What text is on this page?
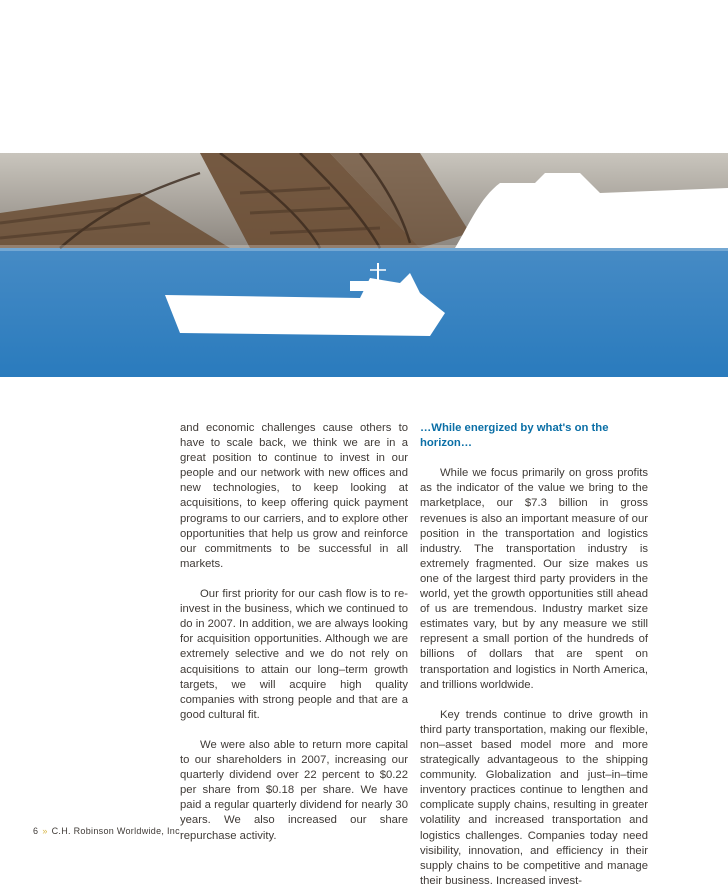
and economic challenges cause others to have to scale back, we think we are in a great position to continue to invest in our people and our network with new offices and new technologies, to keep looking at acquisitions, to keep offering quick payment programs to our carriers, and to explore other opportunities that help us grow and reinforce our commitments to be successful in all markets.

Our first priority for our cash flow is to re-invest in the business, which we continued to do in 2007. In addition, we are always looking for acquisition opportunities. Although we are extremely selective and we do not rely on acquisitions to attain our long–term growth targets, we will acquire high quality companies with strong people and that are a good cultural fit.

We were also able to return more capital to our shareholders in 2007, increasing our quarterly dividend over 22 percent to $0.22 per share from $0.18 per share. We have paid a regular quarterly dividend for nearly 30 years. We also increased our share repurchase activity.

…While energized by what's on the horizon…

While we focus primarily on gross profits as the indicator of the value we bring to the marketplace, our $7.3 billion in gross revenues is also an important measure of our position in the transportation and logistics industry. The transportation industry is extremely fragmented. Our size makes us one of the largest third party providers in the world, yet the growth opportunities still ahead of us are tremendous. Industry market size estimates vary, but by any measure we still represent a small portion of the hundreds of billions of dollars that are spent on transportation and logistics in North America, and trillions worldwide.

Key trends continue to drive growth in third party transportation, making our flexible, non–asset based model more and more strategically advantageous to the shipping community. Globalization and just–in–time inventory practices continue to lengthen and complicate supply chains, resulting in greater volatility and increased transportation and logistics challenges. Companies today need visibility, innovation, and efficiency in their supply chains to be competitive and manage their business. Increased invest-

6 » C.H. Robinson Worldwide, Inc.
